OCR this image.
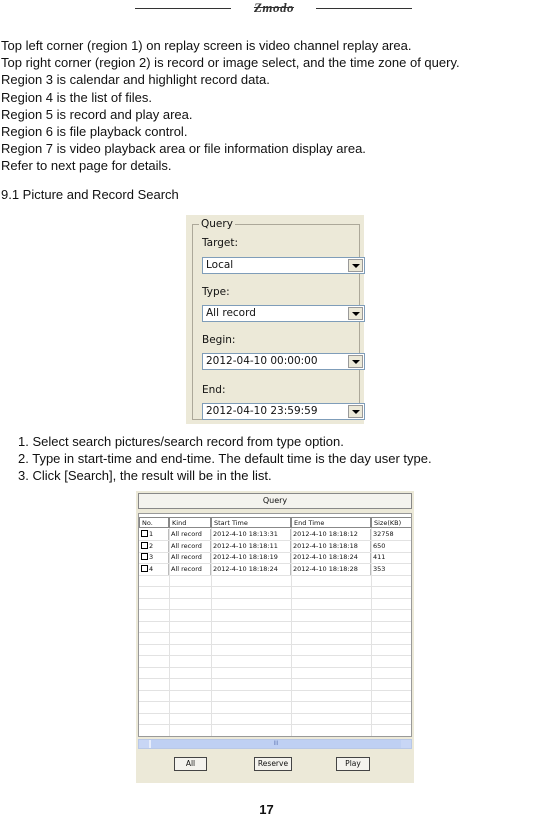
Zmodo
Top left corner (region 1) on replay screen is video channel replay area.
Top right corner (region 2) is record or image select, and the time zone of query.
Region 3 is calendar and highlight record data.
Region 4 is the list of files.
Region 5 is record and play area.
Region 6 is file playback control.
Region 7 is video playback area or file information display area.
Refer to next page for details.
9.1 Picture and Record Search
Query
Target:
Local
Type:
All record
Begin:
2012-04-10 00:00:00
End:
2012-04-10 23:59:59
1. Select search pictures/search record from type option.
2. Type in start-time and end-time. The default time is the day user type.
3. Click [Search], the result will be in the list.
Query
No.	Kind	Start Time	End Time	Size(KB)
1	All record	2012-4-10 18:13:31	2012-4-10 18:18:12	32758
2	All record	2012-4-10 18:18:11	2012-4-10 18:18:18	650
3	All record	2012-4-10 18:18:19	2012-4-10 18:18:24	411
4	All record	2012-4-10 18:18:24	2012-4-10 18:18:28	353
III
All	Reserve	Play
17
